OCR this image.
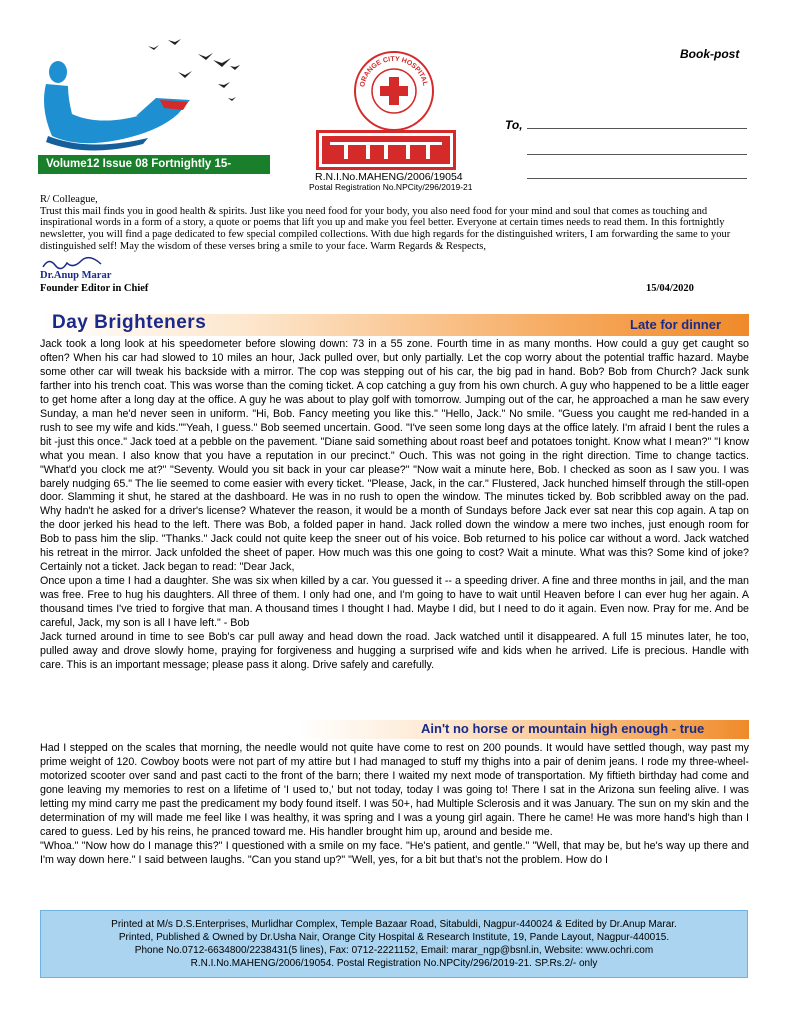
Volume12 Issue 08 Fortnightly 15-30/04/2020
ORANGE CITY HOSPITAL
R.N.I.No.MAHENG/2006/19054
Postal Registration No.NPCity/296/2019-21
Book-post
To,

R/ Colleague,

Trust this mail finds you in good health & spirits. Just like you need food for your body, you also need food for your mind and soul that comes as touching and inspirational words in a form of a story, a quote or poems that lift you up and make you feel better. Everyone at certain times needs to read them. In this fortnightly newsletter, you will find a page dedicated to few special compiled collections. With due high regards for the distinguished writers, I am forwarding the same to your distinguished self! May the wisdom of these verses bring a smile to your face. Warm Regards & Respects,

Dr.Anup Marar
Founder Editor in Chief	15/04/2020
Day Brighteners	Late for dinner

Jack took a long look at his speedometer before slowing down: 73 in a 55 zone. Fourth time in as many months. How could a guy get caught so often? When his car had slowed to 10 miles an hour, Jack pulled over, but only partially. Let the cop worry about the potential traffic hazard. Maybe some other car will tweak his backside with a mirror. The cop was stepping out of his car, the big pad in hand. Bob? Bob from Church? Jack sunk farther into his trench coat. This was worse than the coming ticket. A cop catching a guy from his own church. A guy who happened to be a little eager to get home after a long day at the office. A guy he was about to play golf with tomorrow. Jumping out of the car, he approached a man he saw every Sunday, a man he'd never seen in uniform. "Hi, Bob. Fancy meeting you like this." "Hello, Jack." No smile. "Guess you caught me red-handed in a rush to see my wife and kids.""Yeah, I guess." Bob seemed uncertain. Good. "I've seen some long days at the office lately. I'm afraid I bent the rules a bit -just this once." Jack toed at a pebble on the pavement. "Diane said something about roast beef and potatoes tonight. Know what I mean?" "I know what you mean. I also know that you have a reputation in our precinct." Ouch. This was not going in the right direction. Time to change tactics. "What'd you clock me at?" "Seventy. Would you sit back in your car please?" "Now wait a minute here, Bob. I checked as soon as I saw you. I was barely nudging 65." The lie seemed to come easier with every ticket. "Please, Jack, in the car." Flustered, Jack hunched himself through the still-open door. Slamming it shut, he stared at the dashboard. He was in no rush to open the window. The minutes ticked by. Bob scribbled away on the pad. Why hadn't he asked for a driver's license? Whatever the reason, it would be a month of Sundays before Jack ever sat near this cop again. A tap on the door jerked his head to the left. There was Bob, a folded paper in hand. Jack rolled down the window a mere two inches, just enough room for Bob to pass him the slip. "Thanks." Jack could not quite keep the sneer out of his voice. Bob returned to his police car without a word. Jack watched his retreat in the mirror. Jack unfolded the sheet of paper. How much was this one going to cost? Wait a minute. What was this? Some kind of joke? Certainly not a ticket. Jack began to read: "Dear Jack,

Once upon a time I had a daughter. She was six when killed by a car. You guessed it -- a speeding driver. A fine and three months in jail, and the man was free. Free to hug his daughters. All three of them. I only had one, and I'm going to have to wait until Heaven before I can ever hug her again. A thousand times I've tried to forgive that man. A thousand times I thought I had. Maybe I did, but I need to do it again. Even now. Pray for me. And be careful, Jack, my son is all I have left." - Bob

Jack turned around in time to see Bob's car pull away and head down the road. Jack watched until it disappeared. A full 15 minutes later, he too, pulled away and drove slowly home, praying for forgiveness and hugging a surprised wife and kids when he arrived. Life is precious. Handle with care. This is an important message; please pass it along. Drive safely and carefully.

Ain't no horse or mountain high enough - true

Had I stepped on the scales that morning, the needle would not quite have come to rest on 200 pounds. It would have settled though, way past my prime weight of 120. Cowboy boots were not part of my attire but I had managed to stuff my thighs into a pair of denim jeans. I rode my three-wheel-motorized scooter over sand and past cacti to the front of the barn; there I waited my next mode of transportation. My fiftieth birthday had come and gone leaving my memories to rest on a lifetime of 'I used to,' but not today, today I was going to! There I sat in the Arizona sun feeling alive. I was letting my mind carry me past the predicament my body found itself. I was 50+, had Multiple Sclerosis and it was January. The sun on my skin and the determination of my will made me feel like I was healthy, it was spring and I was a young girl again. There he came! He was more hand's high than I cared to guess. Led by his reins, he pranced toward me. His handler brought him up, around and beside me.

"Whoa." "Now how do I manage this?" I questioned with a smile on my face. "He's patient, and gentle." "Well, that may be, but he's way up there and I'm way down here." I said between laughs. "Can you stand up?" "Well, yes, for a bit but that's not the problem. How do I

Printed at M/s D.S.Enterprises, Murlidhar Complex, Temple Bazaar Road, Sitabuldi, Nagpur-440024 & Edited by Dr.Anup Marar.
Printed, Published & Owned by Dr.Usha Nair, Orange City Hospital & Research Institute, 19, Pande Layout, Nagpur-440015.
Phone No.0712-6634800/2238431(5 lines), Fax: 0712-2221152, Email: marar_ngp@bsnl.in, Website: www.ochri.com
R.N.I.No.MAHENG/2006/19054. Postal Registration No.NPCity/296/2019-21. SP.Rs.2/- only
